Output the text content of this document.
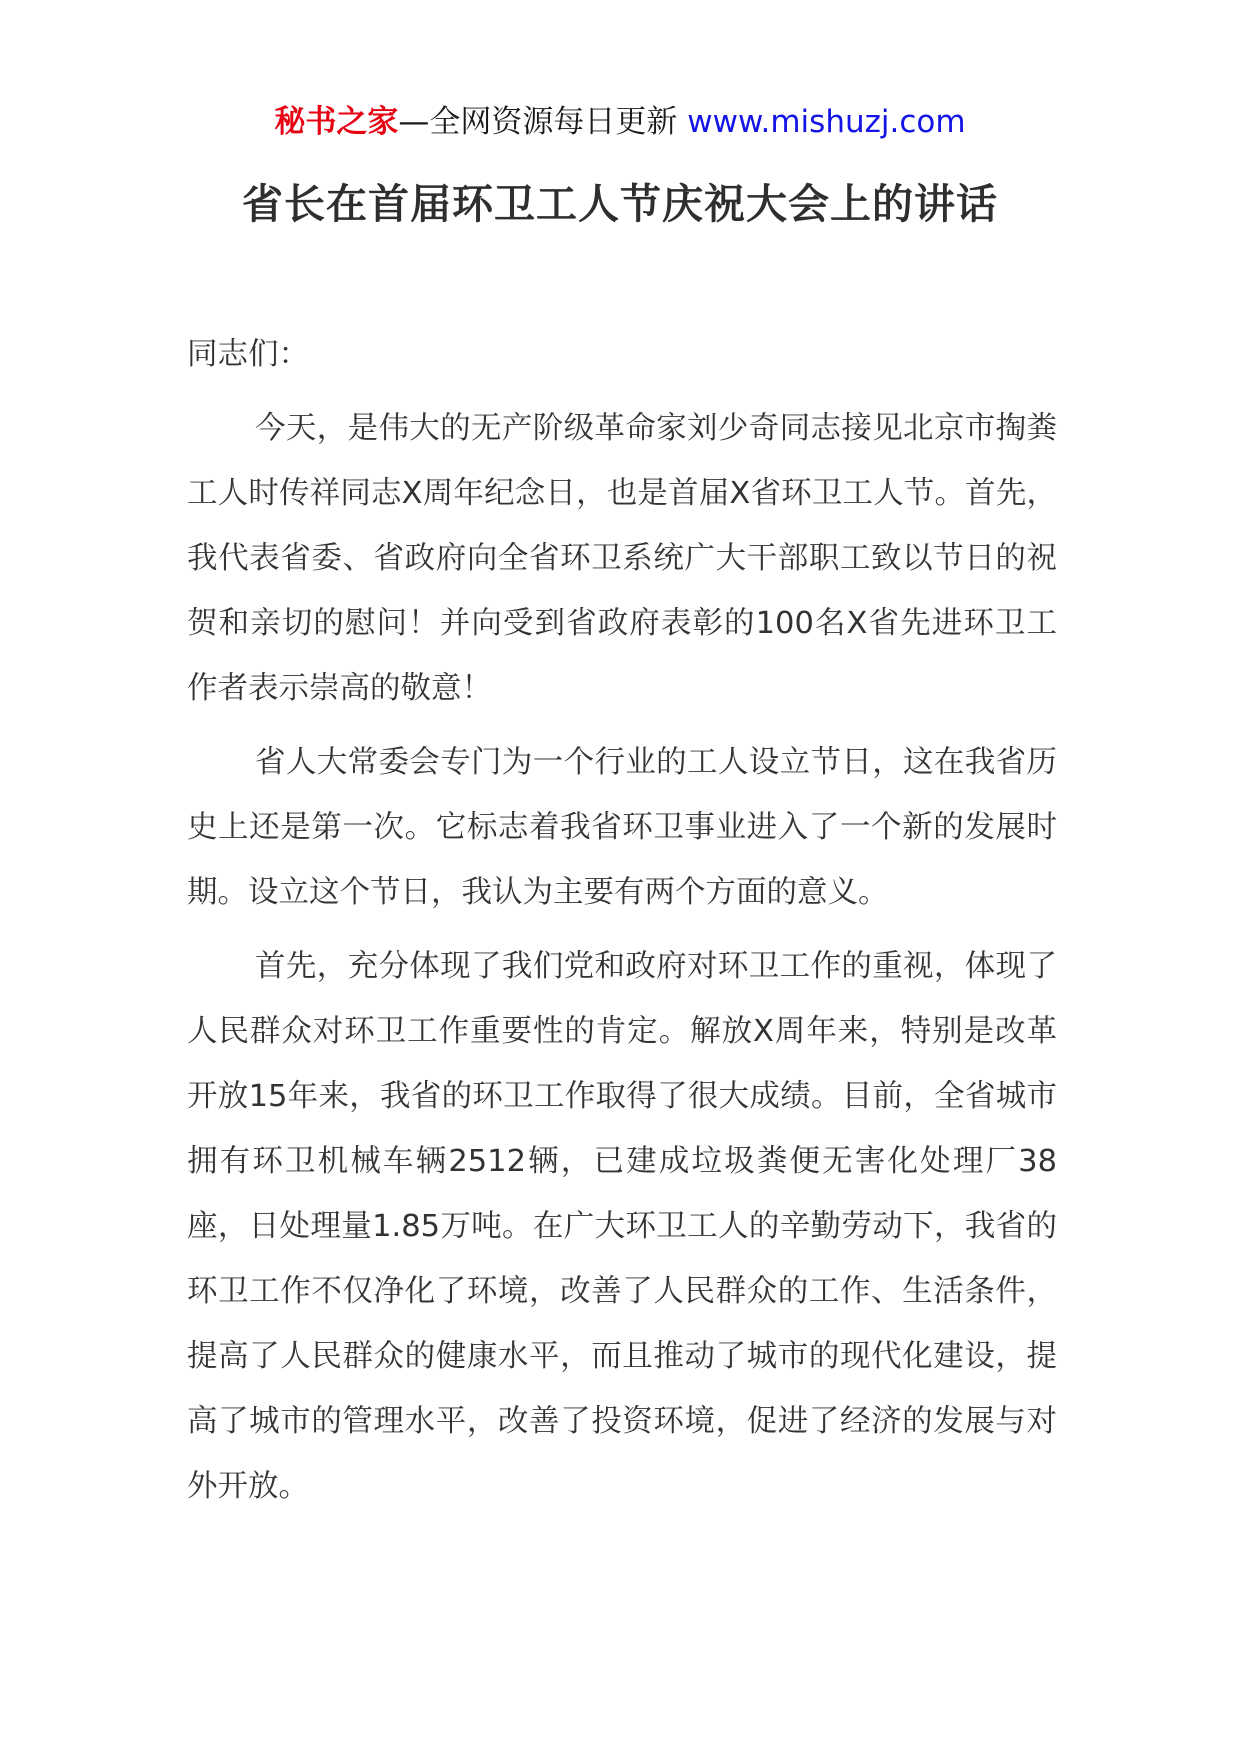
秘书之家—全网资源每日更新 www.mishuzj.com
省长在首届环卫工人节庆祝大会上的讲话

同志们：

今天，是伟大的无产阶级革命家刘少奇同志接见北京市掏粪工人时传祥同志X周年纪念日，也是首届X省环卫工人节。首先，我代表省委、省政府向全省环卫系统广大干部职工致以节日的祝贺和亲切的慰问！并向受到省政府表彰的100名X省先进环卫工作者表示崇高的敬意！

省人大常委会专门为一个行业的工人设立节日，这在我省历史上还是第一次。它标志着我省环卫事业进入了一个新的发展时期。设立这个节日，我认为主要有两个方面的意义。

首先，充分体现了我们党和政府对环卫工作的重视，体现了人民群众对环卫工作重要性的肯定。解放X周年来，特别是改革开放15年来，我省的环卫工作取得了很大成绩。目前，全省城市拥有环卫机械车辆2512辆，已建成垃圾粪便无害化处理厂38座，日处理量1.85万吨。在广大环卫工人的辛勤劳动下，我省的环卫工作不仅净化了环境，改善了人民群众的工作、生活条件，提高了人民群众的健康水平，而且推动了城市的现代化建设，提高了城市的管理水平，改善了投资环境，促进了经济的发展与对外开放。
